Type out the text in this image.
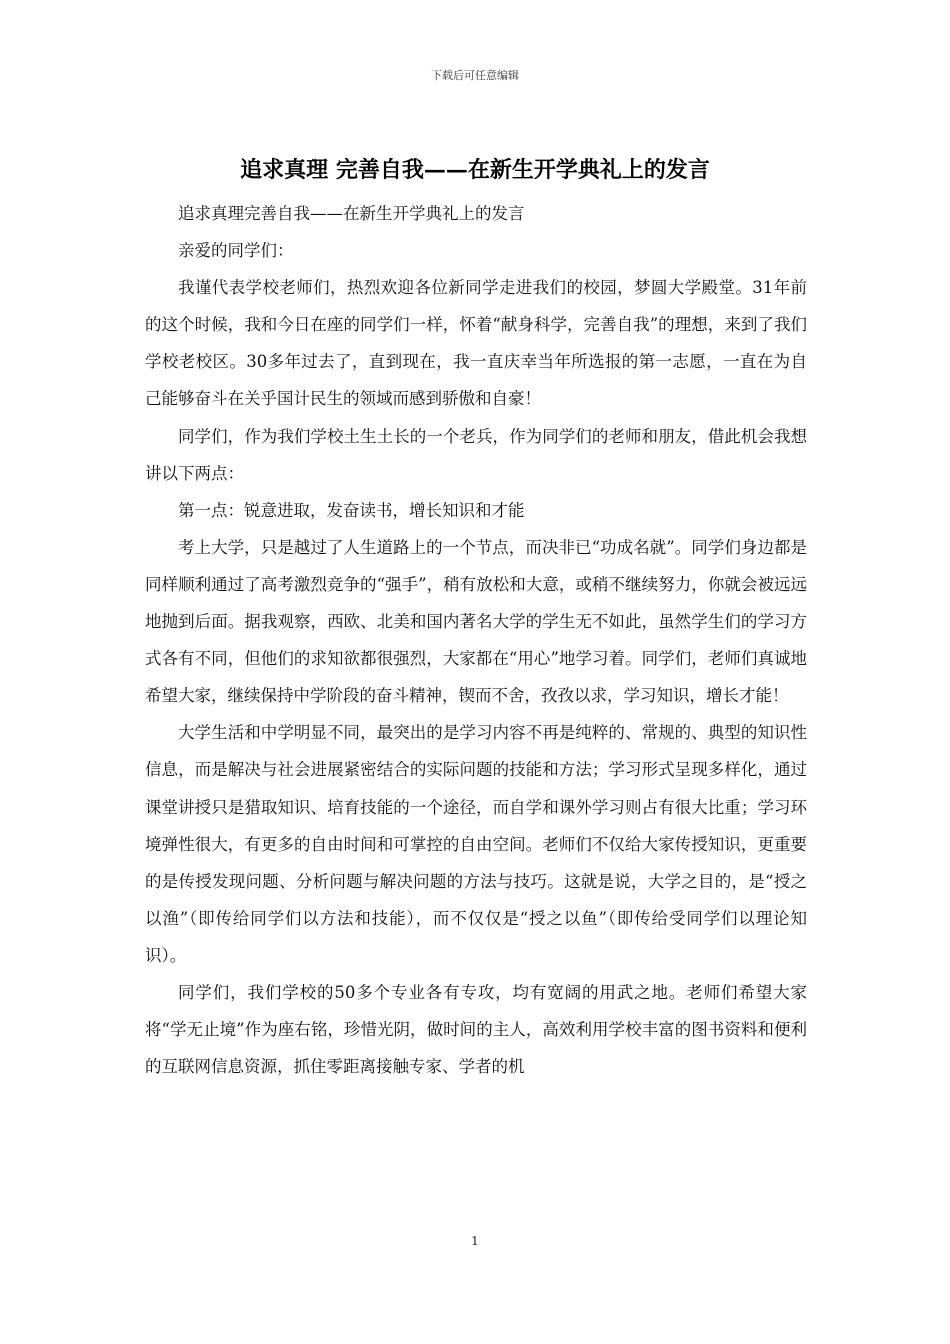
下载后可任意编辑
追求真理 完善自我——在新生开学典礼上的发言

追求真理完善自我——在新生开学典礼上的发言

亲爱的同学们：

我谨代表学校老师们，热烈欢迎各位新同学走进我们的校园，梦圆大学殿堂。31年前的这个时候，我和今日在座的同学们一样，怀着“献身科学，完善自我”的理想，来到了我们学校老校区。30多年过去了，直到现在，我一直庆幸当年所选报的第一志愿，一直在为自己能够奋斗在关乎国计民生的领域而感到骄傲和自豪！

同学们，作为我们学校土生土长的一个老兵，作为同学们的老师和朋友，借此机会我想讲以下两点：

第一点：锐意进取，发奋读书，增长知识和才能

考上大学，只是越过了人生道路上的一个节点，而决非已“功成名就”。同学们身边都是同样顺利通过了高考激烈竞争的“强手”，稍有放松和大意，或稍不继续努力，你就会被远远地抛到后面。据我观察，西欧、北美和国内著名大学的学生无不如此，虽然学生们的学习方式各有不同，但他们的求知欲都很强烈，大家都在“用心”地学习着。同学们，老师们真诚地希望大家，继续保持中学阶段的奋斗精神，锲而不舍，孜孜以求，学习知识，增长才能！

大学生活和中学明显不同，最突出的是学习内容不再是纯粹的、常规的、典型的知识性信息，而是解决与社会进展紧密结合的实际问题的技能和方法；学习形式呈现多样化，通过课堂讲授只是猎取知识、培育技能的一个途径，而自学和课外学习则占有很大比重；学习环境弹性很大，有更多的自由时间和可掌控的自由空间。老师们不仅给大家传授知识，更重要的是传授发现问题、分析问题与解决问题的方法与技巧。这就是说，大学之目的，是“授之以渔”（即传给同学们以方法和技能），而不仅仅是“授之以鱼”（即传给受同学们以理论知识）。

同学们，我们学校的50多个专业各有专攻，均有宽阔的用武之地。老师们希望大家将“学无止境”作为座右铭，珍惜光阴，做时间的主人，高效利用学校丰富的图书资料和便利的互联网信息资源，抓住零距离接触专家、学者的机

1
